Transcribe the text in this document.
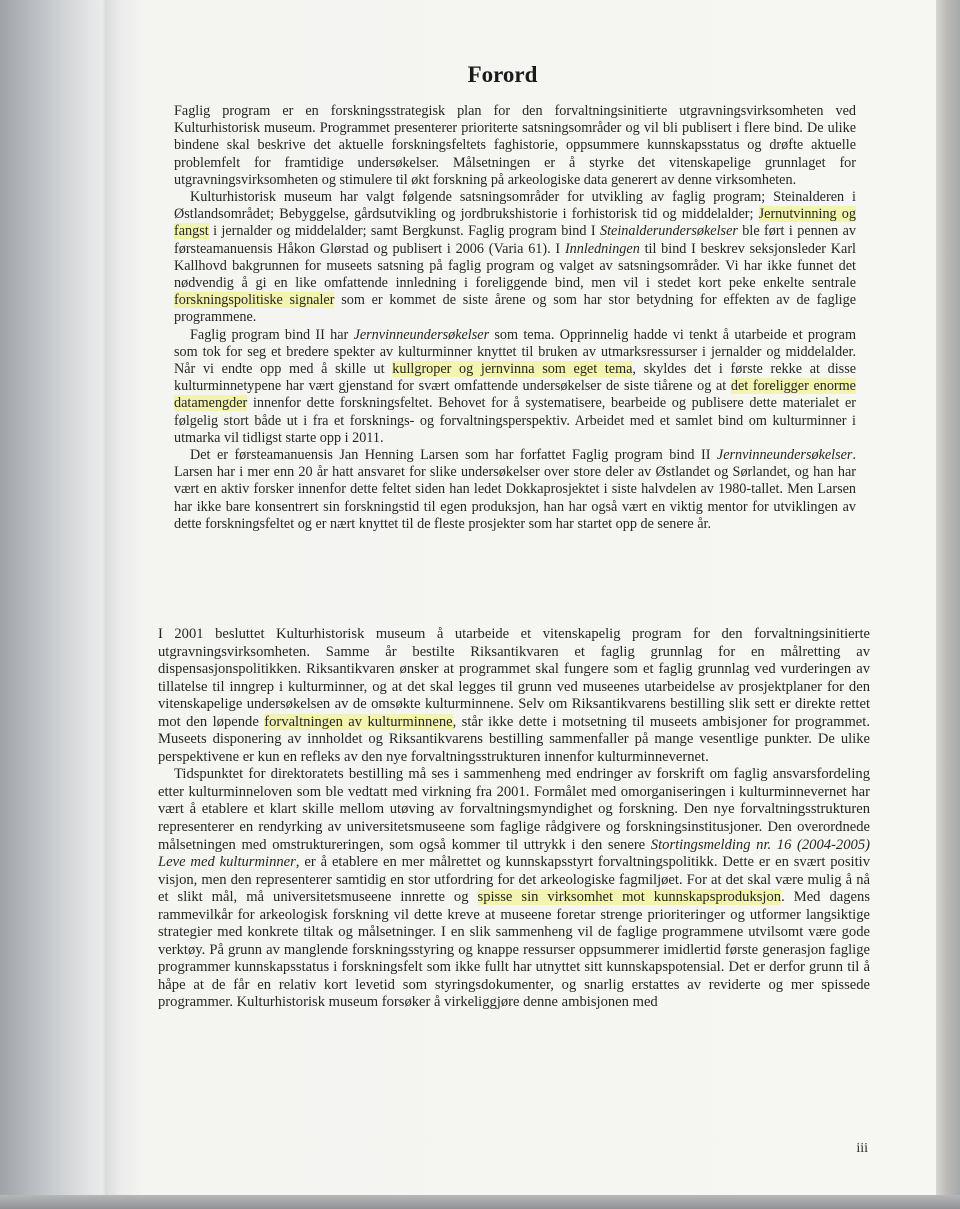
Forord

Faglig program er en forskningsstrategisk plan for den forvaltningsinitierte utgravningsvirksomheten ved Kulturhistorisk museum. Programmet presenterer prioriterte satsningsområder og vil bli publisert i flere bind. De ulike bindene skal beskrive det aktuelle forskningsfeltets faghistorie, oppsummere kunnskapsstatus og drøfte aktuelle problemfelt for framtidige undersøkelser. Målsetningen er å styrke det vitenskapelige grunnlaget for utgravningsvirksomheten og stimulere til økt forskning på arkeologiske data generert av denne virksomheten.

Kulturhistorisk museum har valgt følgende satsningsområder for utvikling av faglig program; Steinalderen i Østlandsområdet; Bebyggelse, gårdsutvikling og jordbrukshistorie i forhistorisk tid og middelalder; Jernutvinning og fangst i jernalder og middelalder; samt Bergkunst. Faglig program bind I Steinalderundersøkelser ble ført i pennen av førsteamanuensis Håkon Glørstad og publisert i 2006 (Varia 61). I Innledningen til bind I beskrev seksjonsleder Karl Kallhovd bakgrunnen for museets satsning på faglig program og valget av satsningsområder. Vi har ikke funnet det nødvendig å gi en like omfattende innledning i foreliggende bind, men vil i stedet kort peke enkelte sentrale forskningspolitiske signaler som er kommet de siste årene og som har stor betydning for effekten av de faglige programmene.

Faglig program bind II har Jernvinneundersøkelser som tema. Opprinnelig hadde vi tenkt å utarbeide et program som tok for seg et bredere spekter av kulturminner knyttet til bruken av utmarksressurser i jernalder og middelalder. Når vi endte opp med å skille ut kullgroper og jernvinna som eget tema, skyldes det i første rekke at disse kulturminnetypene har vært gjenstand for svært omfattende undersøkelser de siste tiårene og at det foreligger enorme datamengder innenfor dette forskningsfeltet. Behovet for å systematisere, bearbeide og publisere dette materialet er følgelig stort både ut i fra et forsknings- og forvaltningsperspektiv. Arbeidet med et samlet bind om kulturminner i utmarka vil tidligst starte opp i 2011.

Det er førsteamanuensis Jan Henning Larsen som har forfattet Faglig program bind II Jernvinneundersøkelser. Larsen har i mer enn 20 år hatt ansvaret for slike undersøkelser over store deler av Østlandet og Sørlandet, og han har vært en aktiv forsker innenfor dette feltet siden han ledet Dokkaprosjektet i siste halvdelen av 1980-tallet. Men Larsen har ikke bare konsentrert sin forskningstid til egen produksjon, han har også vært en viktig mentor for utviklingen av dette forskningsfeltet og er nært knyttet til de fleste prosjekter som har startet opp de senere år.

I 2001 besluttet Kulturhistorisk museum å utarbeide et vitenskapelig program for den forvaltningsinitierte utgravningsvirksomheten. Samme år bestilte Riksantikvaren et faglig grunnlag for en målretting av dispensasjonspolitikken. Riksantikvaren ønsker at programmet skal fungere som et faglig grunnlag ved vurderingen av tillatelse til inngrep i kulturminner, og at det skal legges til grunn ved museenes utarbeidelse av prosjektplaner for den vitenskapelige undersøkelsen av de omsøkte kulturminnene. Selv om Riksantikvarens bestilling slik sett er direkte rettet mot den løpende forvaltningen av kulturminnene, står ikke dette i motsetning til museets ambisjoner for programmet. Museets disponering av innholdet og Riksantikvarens bestilling sammenfaller på mange vesentlige punkter. De ulike perspektivene er kun en refleks av den nye forvaltningsstrukturen innenfor kulturminnevernet.

Tidspunktet for direktoratets bestilling må ses i sammenheng med endringer av forskrift om faglig ansvarsfordeling etter kulturminneloven som ble vedtatt med virkning fra 2001. Formålet med omorganiseringen i kulturminnevernet har vært å etablere et klart skille mellom utøving av forvaltningsmyndighet og forskning. Den nye forvaltningsstrukturen representerer en rendyrking av universitetsmuseene som faglige rådgivere og forskningsinstitusjoner. Den overordnede målsetningen med omstruktureringen, som også kommer til uttrykk i den senere Stortingsmelding nr. 16 (2004-2005) Leve med kulturminner, er å etablere en mer målrettet og kunnskapsstyrt forvaltningspolitikk. Dette er en svært positiv visjon, men den representerer samtidig en stor utfordring for det arkeologiske fagmiljøet. For at det skal være mulig å nå et slikt mål, må universitetsmuseene innrette og spisse sin virksomhet mot kunnskapsproduksjon. Med dagens rammevilkår for arkeologisk forskning vil dette kreve at museene foretar strenge prioriteringer og utformer langsiktige strategier med konkrete tiltak og målsetninger. I en slik sammenheng vil de faglige programmene utvilsomt være gode verktøy. På grunn av manglende forskningsstyring og knappe ressurser oppsummerer imidlertid første generasjon faglige programmer kunnskapsstatus i forskningsfelt som ikke fullt har utnyttet sitt kunnskapspotensial. Det er derfor grunn til å håpe at de får en relativ kort levetid som styringsdokumenter, og snarlig erstattes av reviderte og mer spissede programmer. Kulturhistorisk museum forsøker å virkeliggjøre denne ambisjonen med

iii
